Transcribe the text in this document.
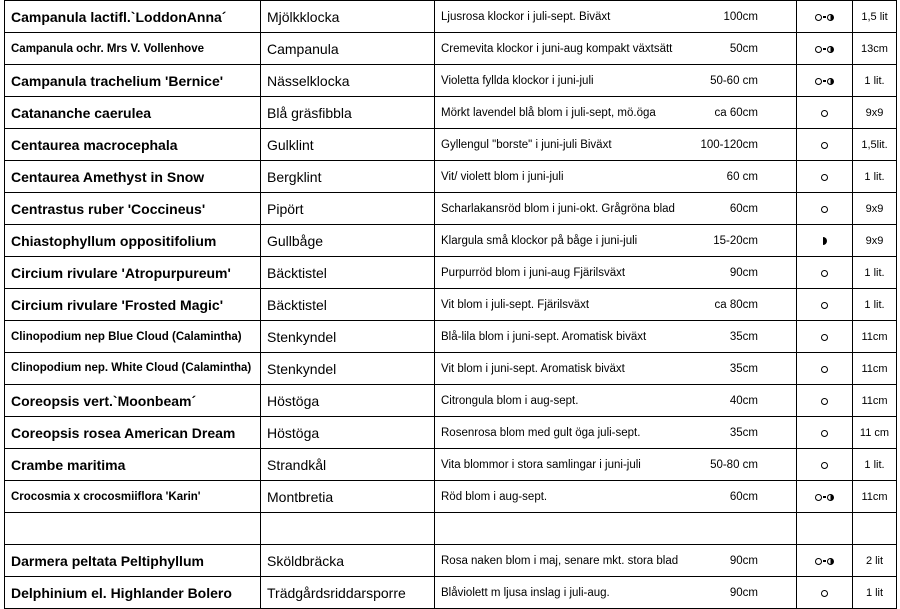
Campanula lactifl.`LoddonAnna´	Mjölkklocka	Ljusrosa klockor i juli-sept. Biväxt 100cm		1,5 lit
Campanula ochr. Mrs V. Vollenhove	Campanula	Cremevita klockor i juni-aug kompakt växtsätt 50cm		13cm
Campanula trachelium 'Bernice'	Nässelklocka	Violetta fyllda klockor i juni-juli 50-60 cm		1 lit.
Catananche caerulea	Blå gräsfibbla	Mörkt lavendel blå blom i juli-sept, mö.öga ca 60cm		9x9
Centaurea macrocephala	Gulklint	Gyllengul "borste" i juni-juli Biväxt 100-120cm		1,5lit.
Centaurea Amethyst in Snow	Bergklint	Vit/ violett blom i juni-juli 60 cm		1 lit.
Centrastus ruber 'Coccineus'	Pipört	Scharlakansröd blom i juni-okt. Grågröna blad 60cm		9x9
Chiastophyllum oppositifolium	Gullbåge	Klargula små klockor på båge i juni-juli 15-20cm		9x9
Circium rivulare 'Atropurpureum'	Bäcktistel	Purpurröd blom i juni-aug Fjärilsväxt 90cm		1 lit.
Circium rivulare 'Frosted Magic'	Bäcktistel	Vit blom i juli-sept. Fjärilsväxt ca 80cm		1 lit.
Clinopodium nep Blue Cloud (Calamintha)	Stenkyndel	Blå-lila blom i juni-sept. Aromatisk biväxt 35cm		11cm
Clinopodium nep. White Cloud (Calamintha)	Stenkyndel	Vit blom i juni-sept. Aromatisk biväxt 35cm		11cm
Coreopsis vert.`Moonbeam´	Höstöga	Citrongula blom i aug-sept. 40cm		11cm
Coreopsis rosea American Dream	Höstöga	Rosenrosa blom med gult öga juli-sept. 35cm		11 cm
Crambe maritima	Strandkål	Vita blommor i stora samlingar i juni-juli 50-80 cm		1 lit.
Crocosmia x crocosmiiflora 'Karin'	Montbretia	Röd blom i aug-sept. 60cm		11cm

Darmera peltata Peltiphyllum	Sköldbräcka	Rosa naken blom i maj, senare mkt. stora blad 90cm		2 lit
Delphinium el. Highlander Bolero	Trädgårdsriddarsporre	Blåviolett m ljusa inslag i juli-aug. 90cm		1 lit
